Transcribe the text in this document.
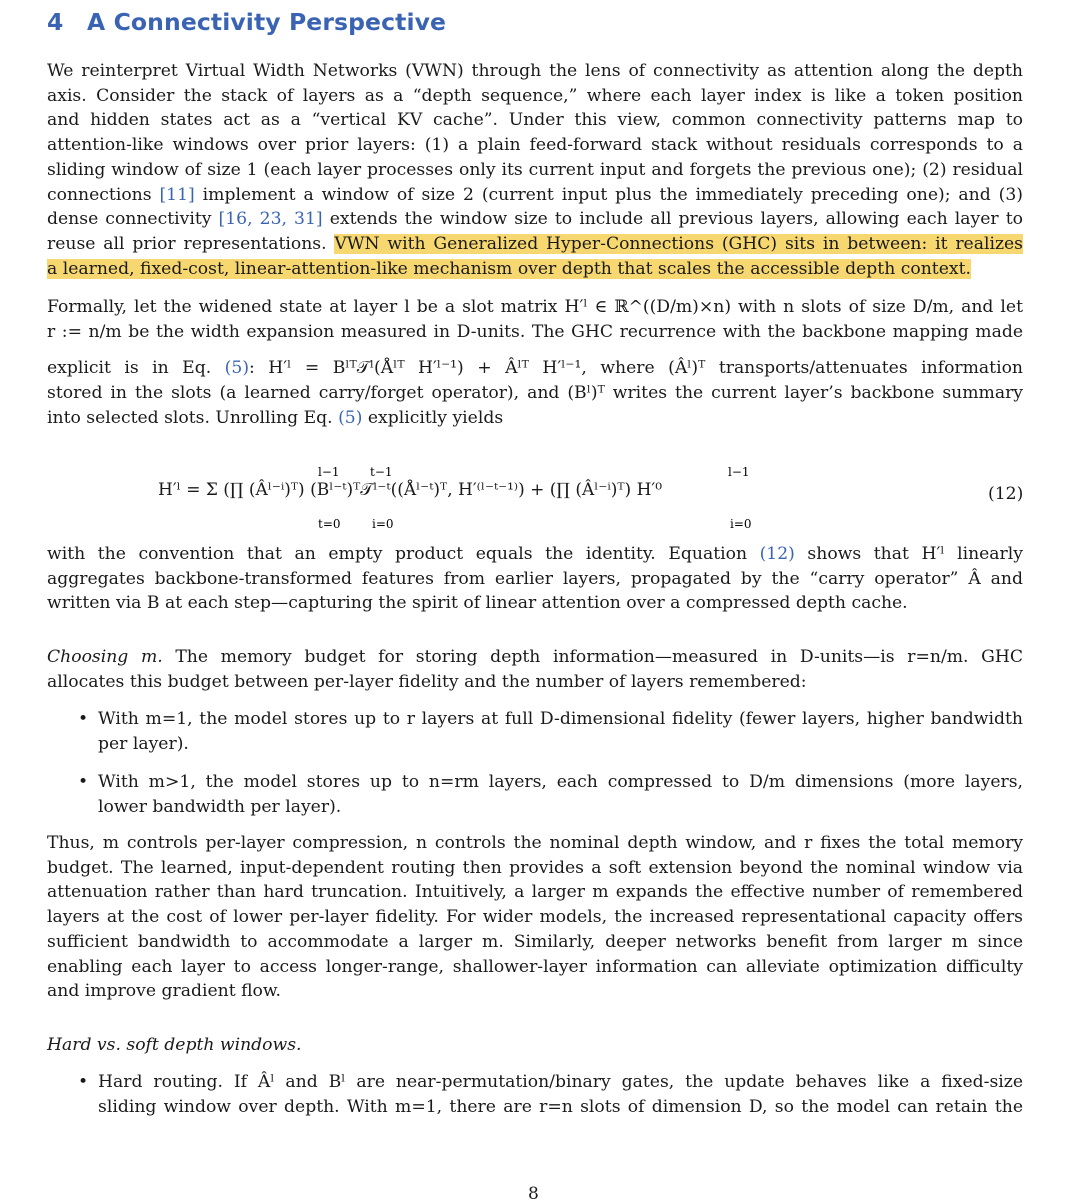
4 A Connectivity Perspective
We reinterpret Virtual Width Networks (VWN) through the lens of connectivity as attention along the depth
axis. Consider the stack of layers as a “depth sequence,” where each layer index is like a token position
and hidden states act as a “vertical KV cache”. Under this view, common connectivity patterns map to
attention-like windows over prior layers: (1) a plain feed-forward stack without residuals corresponds to a
sliding window of size 1 (each layer processes only its current input and forgets the previous one); (2) residual
connections [11] implement a window of size 2 (current input plus the immediately preceding one); and (3)
dense connectivity [16, 23, 31] extends the window size to include all previous layers, allowing each layer to
reuse all prior representations. VWN with Generalized Hyper-Connections (GHC) sits in between: it realizes
a learned, fixed-cost, linear-attention-like mechanism over depth that scales the accessible depth context.
Formally, let the widened state at layer l be a slot matrix H′ˡ ∈ ℝ^((D/m)×n) with n slots of size D/m, and let
r := n/m be the width expansion measured in D-units. The GHC recurrence with the backbone mapping made
explicit is in Eq. (5): H′ˡ = Bˡᵀ𝒯ˡ(Åˡᵀ H′ˡ⁻¹) + Âˡᵀ H′ˡ⁻¹, where (Âˡ)ᵀ transports/attenuates information
stored in the slots (a learned carry/forget operator), and (Bˡ)ᵀ writes the current layer’s backbone summary
into selected slots. Unrolling Eq. (5) explicitly yields
l−1
t=0
t−1
i=0
l−1
i=0
H′ˡ = Σ (∏ (Âˡ⁻ⁱ)ᵀ) (Bˡ⁻ᵗ)ᵀ𝒯ˡ⁻ᵗ((Åˡ⁻ᵗ)ᵀ, H′⁽ˡ⁻ᵗ⁻¹⁾) + (∏ (Âˡ⁻ⁱ)ᵀ) H′⁰	(12)
with the convention that an empty product equals the identity. Equation (12) shows that H′ˡ linearly
aggregates backbone-transformed features from earlier layers, propagated by the “carry operator” Â and
written via B at each step—capturing the spirit of linear attention over a compressed depth cache.
Choosing m. The memory budget for storing depth information—measured in D-units—is r=n/m. GHC
allocates this budget between per-layer fidelity and the number of layers remembered:
• With m=1, the model stores up to r layers at full D-dimensional fidelity (fewer layers, higher bandwidth
per layer).
• With m>1, the model stores up to n=rm layers, each compressed to D/m dimensions (more layers,
lower bandwidth per layer).
Thus, m controls per-layer compression, n controls the nominal depth window, and r fixes the total memory
budget. The learned, input-dependent routing then provides a soft extension beyond the nominal window via
attenuation rather than hard truncation. Intuitively, a larger m expands the effective number of remembered
layers at the cost of lower per-layer fidelity. For wider models, the increased representational capacity offers
sufficient bandwidth to accommodate a larger m. Similarly, deeper networks benefit from larger m since
enabling each layer to access longer-range, shallower-layer information can alleviate optimization difficulty
and improve gradient flow.
Hard vs. soft depth windows.
• Hard routing. If Âˡ and Bˡ are near-permutation/binary gates, the update behaves like a fixed-size
sliding window over depth. With m=1, there are r=n slots of dimension D, so the model can retain the
8
